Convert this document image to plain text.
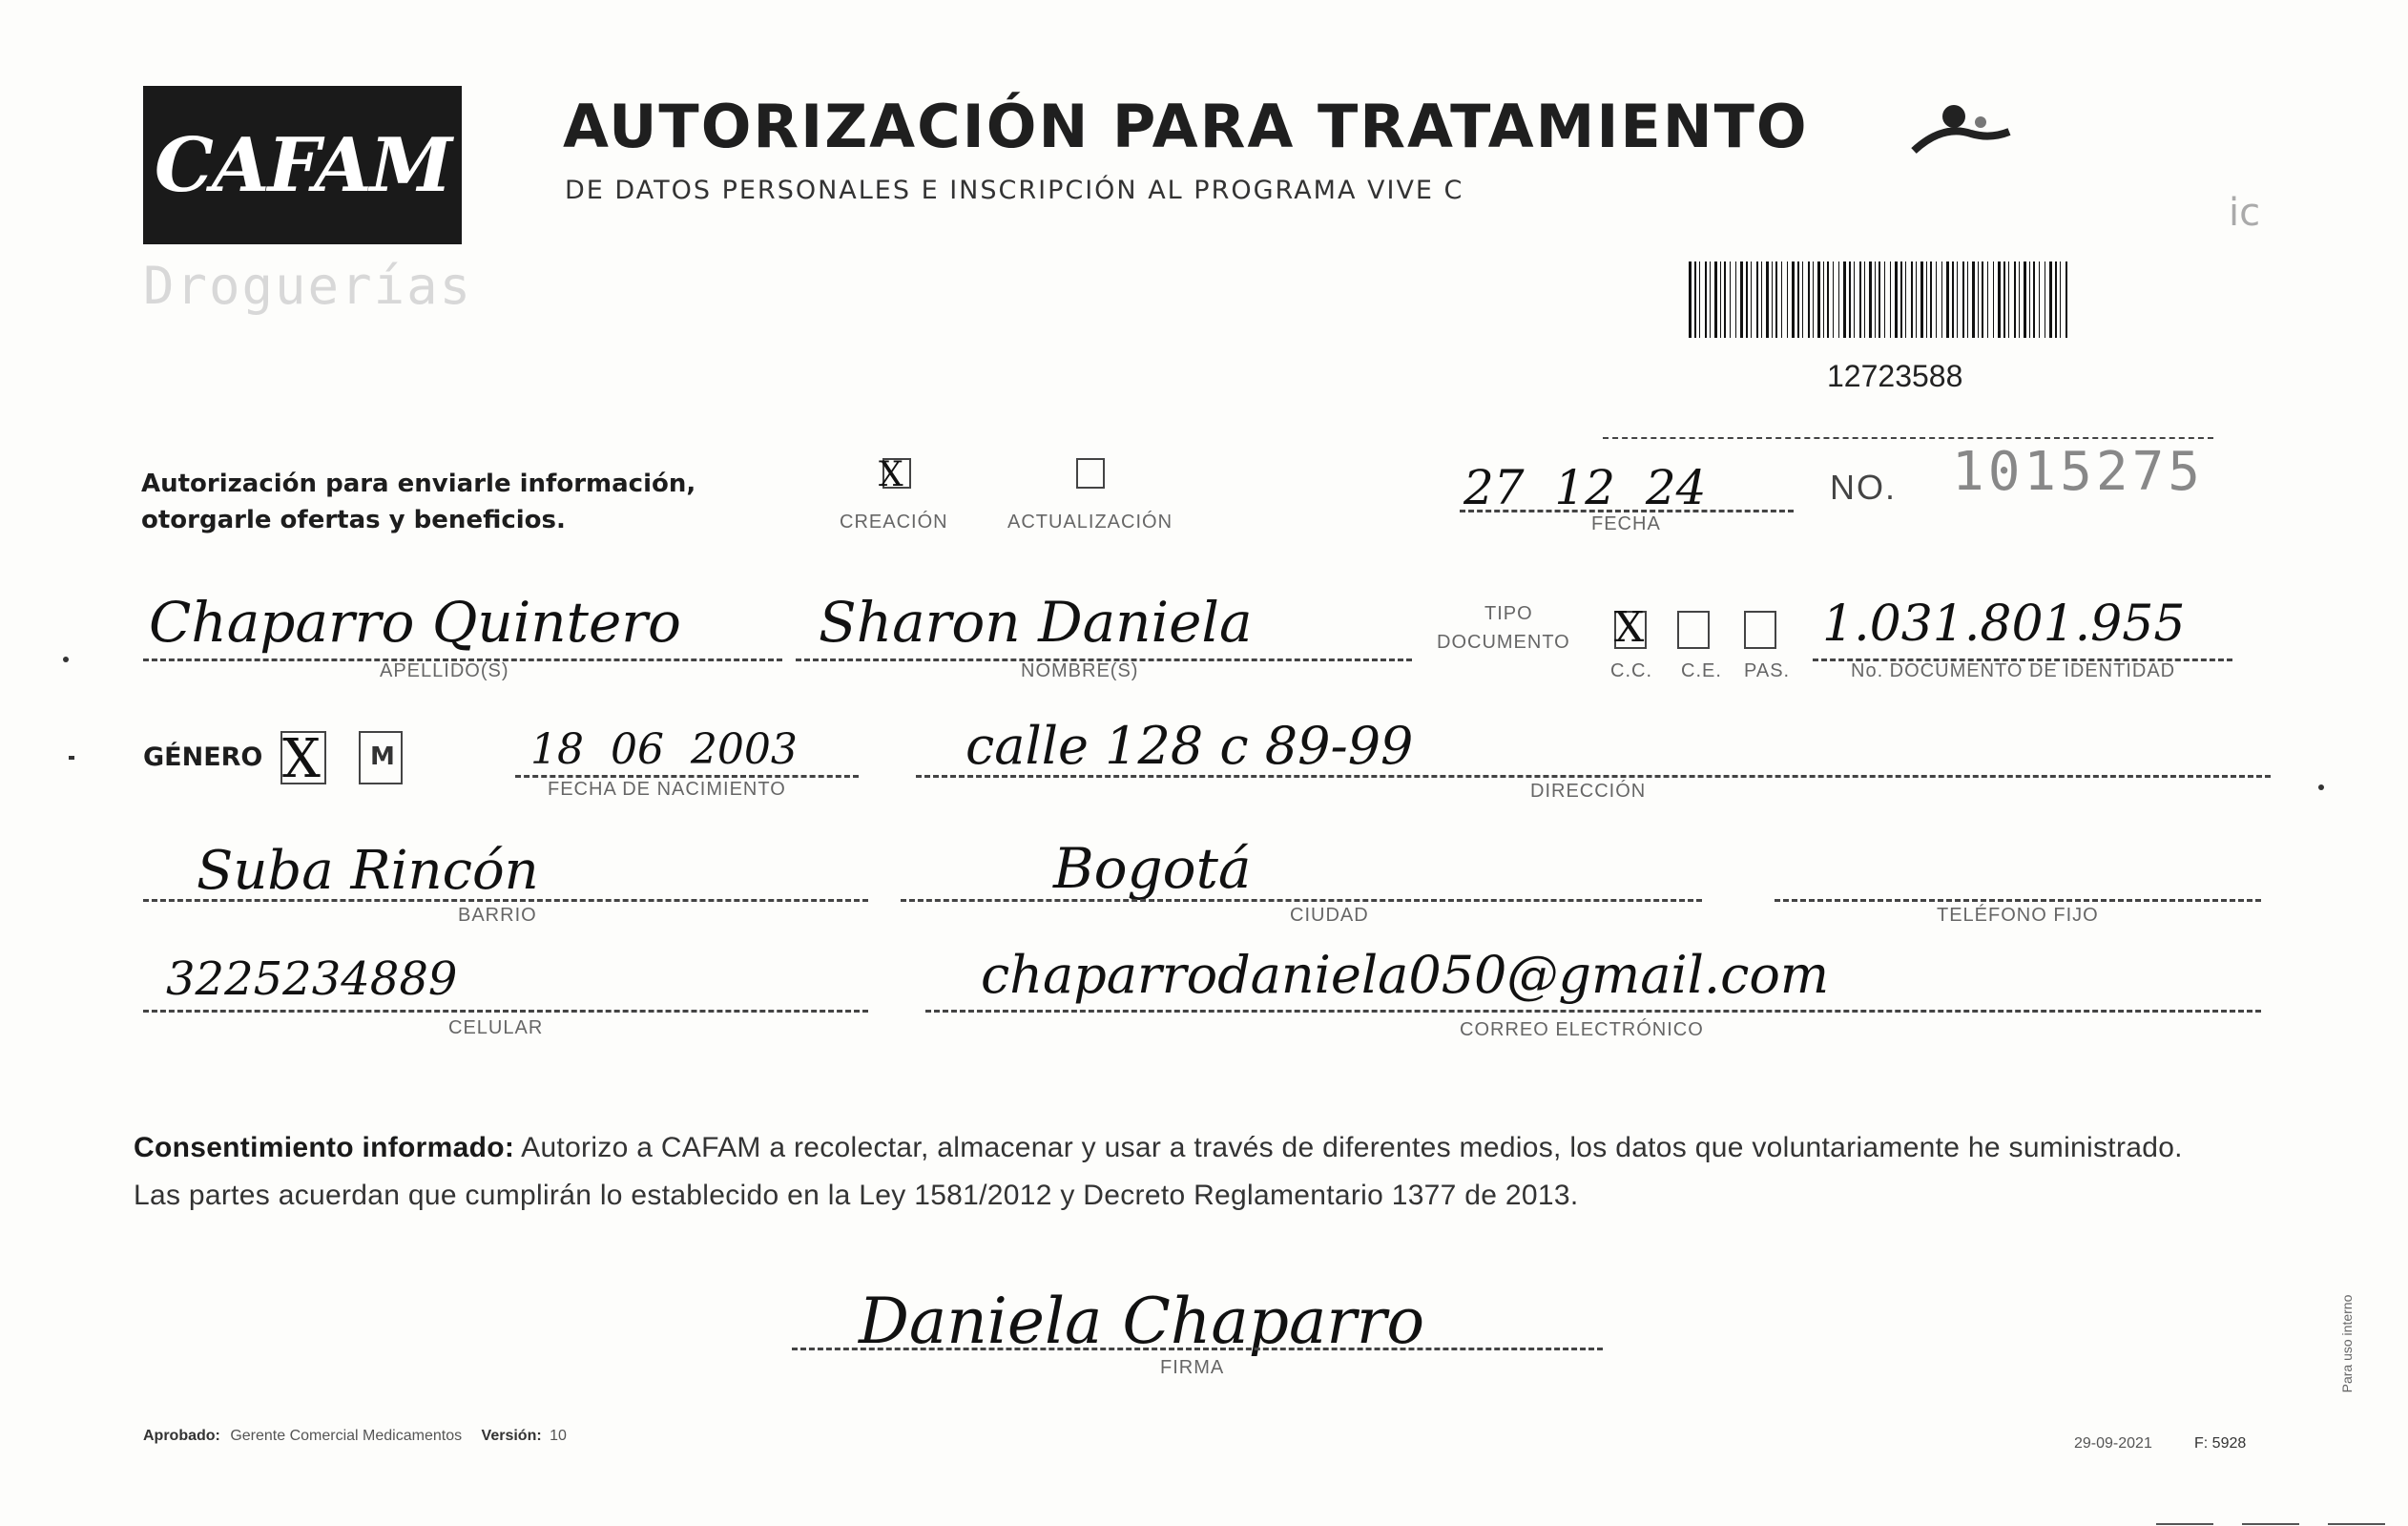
CAFAM
Droguerías
AUTORIZACIÓN PARA TRATAMIENTO
DE DATOS PERSONALES E INSCRIPCIÓN AL PROGRAMA VIVE C
ic
12723588
Autorización para enviarle información,
otorgarle ofertas y beneficios.
X
CREACIÓN	ACTUALIZACIÓN
27  12  24
FECHA
NO. 1015275
Chaparro Quintero
APELLIDO(S)
Sharon Daniela
NOMBRE(S)
TIPO
DOCUMENTO X
C.C. C.E. PAS.
1.031.801.955
No. DOCUMENTO DE IDENTIDAD
GÉNERO X M	18  06  2003
FECHA DE NACIMIENTO
calle 128 c 89-99
DIRECCIÓN
Suba Rincón
BARRIO
Bogotá
CIUDAD	TELÉFONO FIJO
3225234889
CELULAR
chaparrodaniela050@gmail.com
CORREO ELECTRÓNICO
Consentimiento informado: Autorizo a CAFAM a recolectar, almacenar y usar a través de diferentes medios, los datos que voluntariamente he suministrado.
Las partes acuerdan que cumplirán lo establecido en la Ley 1581/2012 y Decreto Reglamentario 1377 de 2013.
Daniela Chaparro
FIRMA
Aprobado: Gerente Comercial Medicamentos Versión: 10	29-09-2021	F: 5928
Para uso interno
